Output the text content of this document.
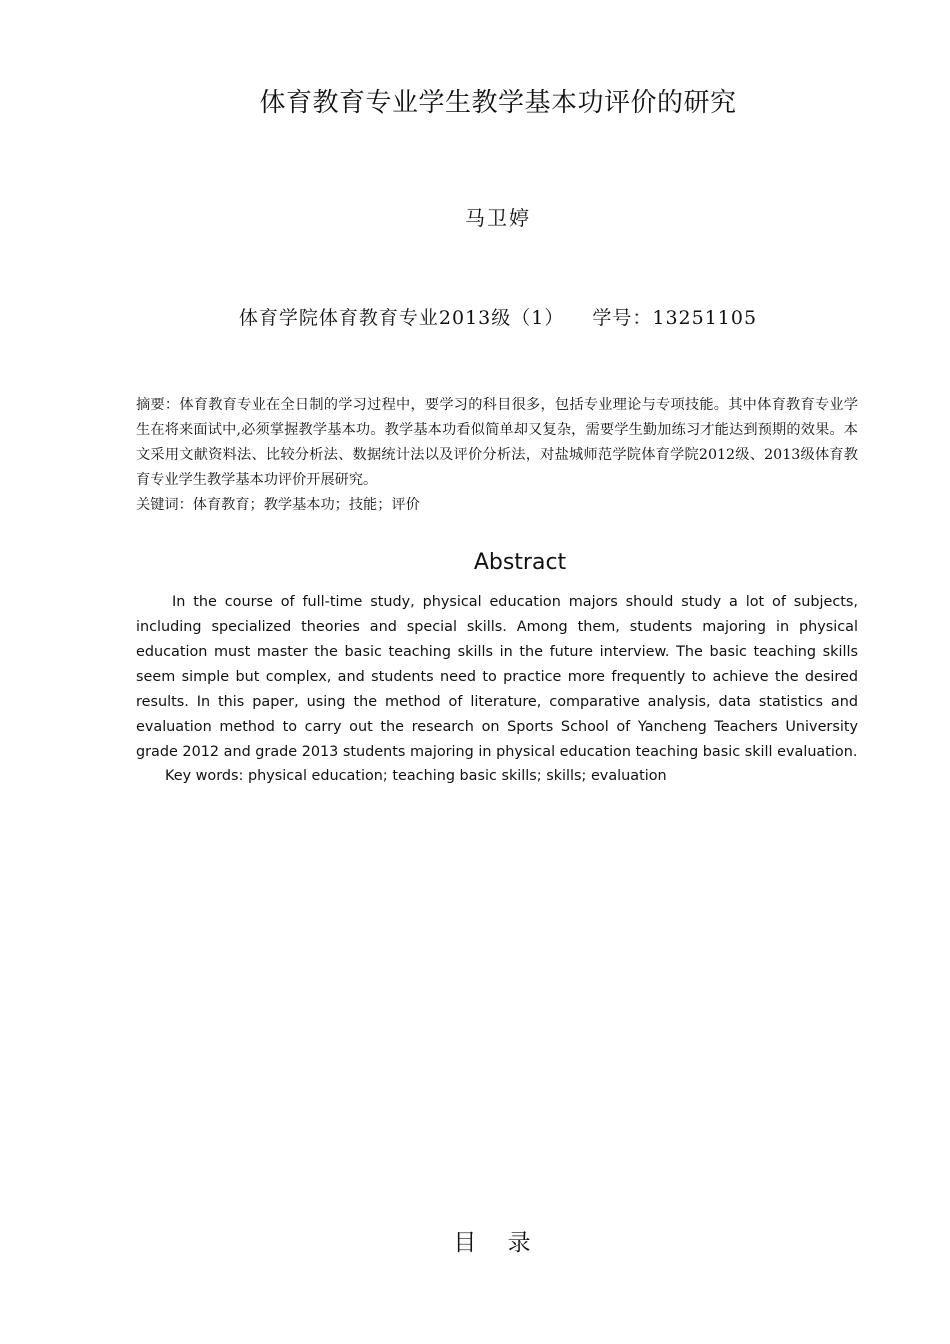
体育教育专业学生教学基本功评价的研究
马卫婷
体育学院体育教育专业2013级（1） 学号：13251105
摘要：体育教育专业在全日制的学习过程中，要学习的科目很多，包括专业理论与专项技能。其中体育教育专业学生在将来面试中,必须掌握教学基本功。教学基本功看似简单却又复杂，需要学生勤加练习才能达到预期的效果。本文采用文献资料法、比较分析法、数据统计法以及评价分析法，对盐城师范学院体育学院2012级、2013级体育教育专业学生教学基本功评价开展研究。
关键词：体育教育；教学基本功；技能；评价
Abstract

In the course of full-time study, physical education majors should study a lot of subjects, including specialized theories and special skills. Among them, students majoring in physical education must master the basic teaching skills in the future interview. The basic teaching skills seem simple but complex, and students need to practice more frequently to achieve the desired results. In this paper, using the method of literature, comparative analysis, data statistics and evaluation method to carry out the research on Sports School of Yancheng Teachers University grade 2012 and grade 2013 students majoring in physical education teaching basic skill evaluation.

Key words: physical education; teaching basic skills; skills; evaluation

目 录
